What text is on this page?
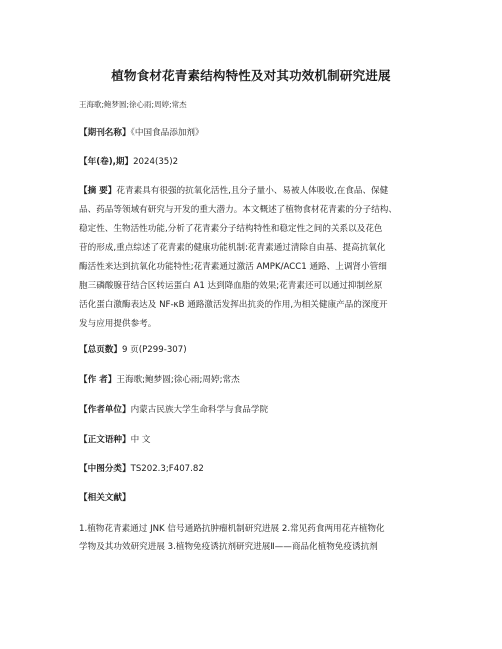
植物食材花青素结构特性及对其功效机制研究进展
王海歌;鲍梦圆;徐心雨;周婷;常杰
【期刊名称】《中国食品添加剂》
【年(卷),期】2024(35)2
【摘 要】花青素具有很强的抗氧化活性,且分子量小、易被人体吸收,在食品、保健
品、药品等领域有研究与开发的重大潜力。本文概述了植物食材花青素的分子结构、
稳定性、生物活性功能,分析了花青素分子结构特性和稳定性之间的关系以及花色
苷的形成,重点综述了花青素的健康功能机制:花青素通过清除自由基、提高抗氧化
酶活性来达到抗氧化功能特性;花青素通过激活 AMPK/ACC1 通路、上调肾小管细
胞三磷酸腺苷结合区转运蛋白 A1 达到降血脂的效果;花青素还可以通过抑制丝原
活化蛋白激酶表达及 NF-κB 通路激活发挥出抗炎的作用,为相关健康产品的深度开
发与应用提供参考。
【总页数】9 页(P299-307)
【作 者】王海歌;鲍梦圆;徐心雨;周婷;常杰
【作者单位】内蒙古民族大学生命科学与食品学院
【正文语种】中 文
【中图分类】TS202.3;F407.82
【相关文献】
1.植物花青素通过 JNK 信号通路抗肿瘤机制研究进展 2.常见药食两用花卉植物化
学物及其功效研究进展 3.植物免疫诱抗剂研究进展Ⅱ——商品化植物免疫诱抗剂
